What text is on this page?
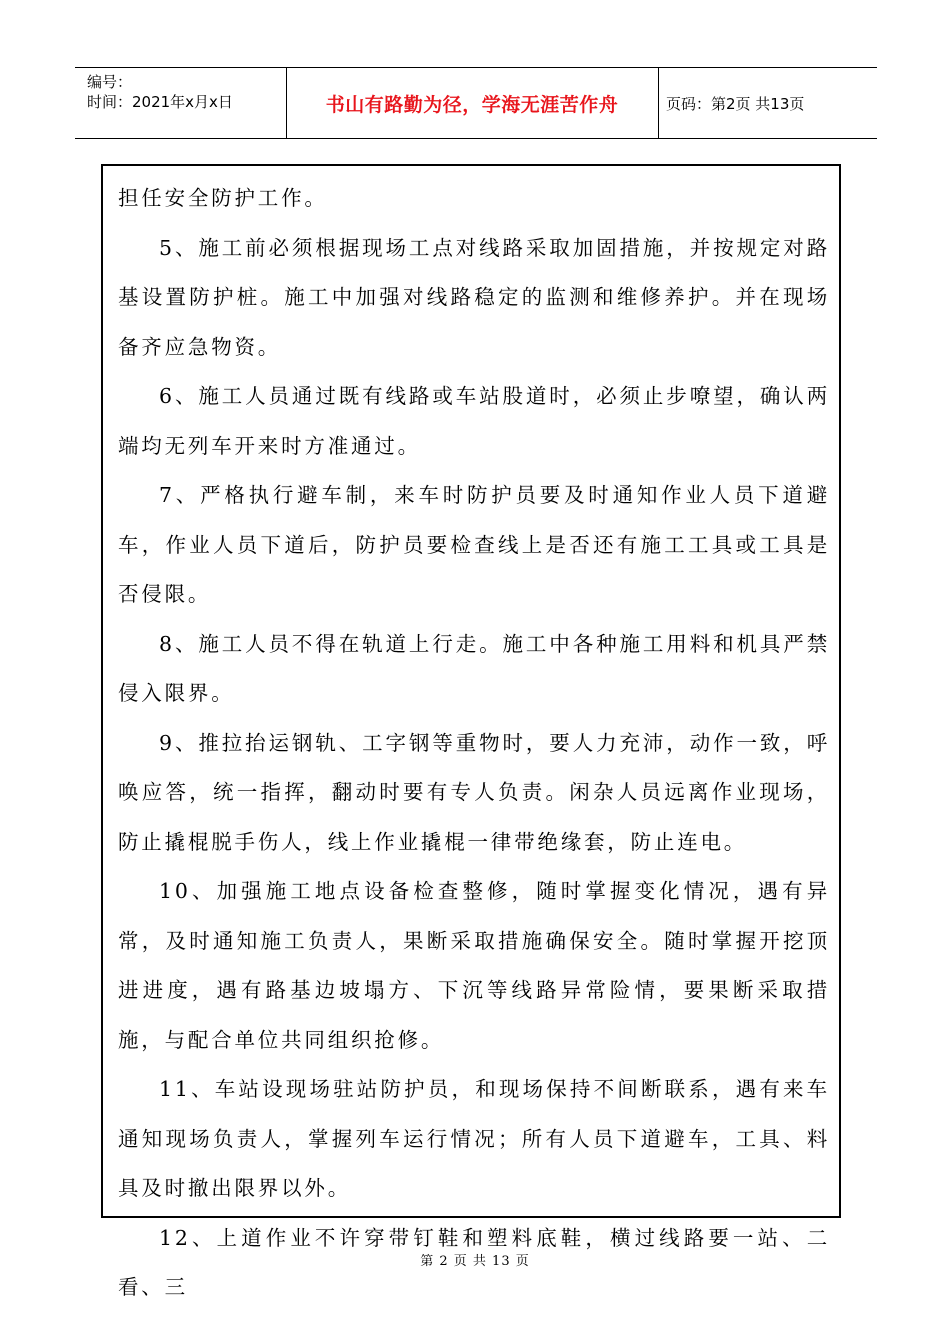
编号：
时间：2021年x月x日	书山有路勤为径，学海无涯苦作舟	页码：第2页 共13页

担任安全防护工作。

5、施工前必须根据现场工点对线路采取加固措施，并按规定对路基设置防护桩。施工中加强对线路稳定的监测和维修养护。并在现场备齐应急物资。

6、施工人员通过既有线路或车站股道时，必须止步嘹望，确认两端均无列车开来时方准通过。

7、严格执行避车制，来车时防护员要及时通知作业人员下道避车，作业人员下道后，防护员要检查线上是否还有施工工具或工具是否侵限。

8、施工人员不得在轨道上行走。施工中各种施工用料和机具严禁侵入限界。

9、推拉抬运钢轨、工字钢等重物时，要人力充沛，动作一致，呼唤应答，统一指挥，翻动时要有专人负责。闲杂人员远离作业现场，防止撬棍脱手伤人，线上作业撬棍一律带绝缘套，防止连电。

10、加强施工地点设备检查整修，随时掌握变化情况，遇有异常，及时通知施工负责人，果断采取措施确保安全。随时掌握开挖顶进进度，遇有路基边坡塌方、下沉等线路异常险情，要果断采取措施，与配合单位共同组织抢修。

11、车站设现场驻站防护员，和现场保持不间断联系，遇有来车通知现场负责人，掌握列车运行情况；所有人员下道避车，工具、料具及时撤出限界以外。

12、上道作业不许穿带钉鞋和塑料底鞋，横过线路要一站、二看、三

第 2 页 共 13 页
